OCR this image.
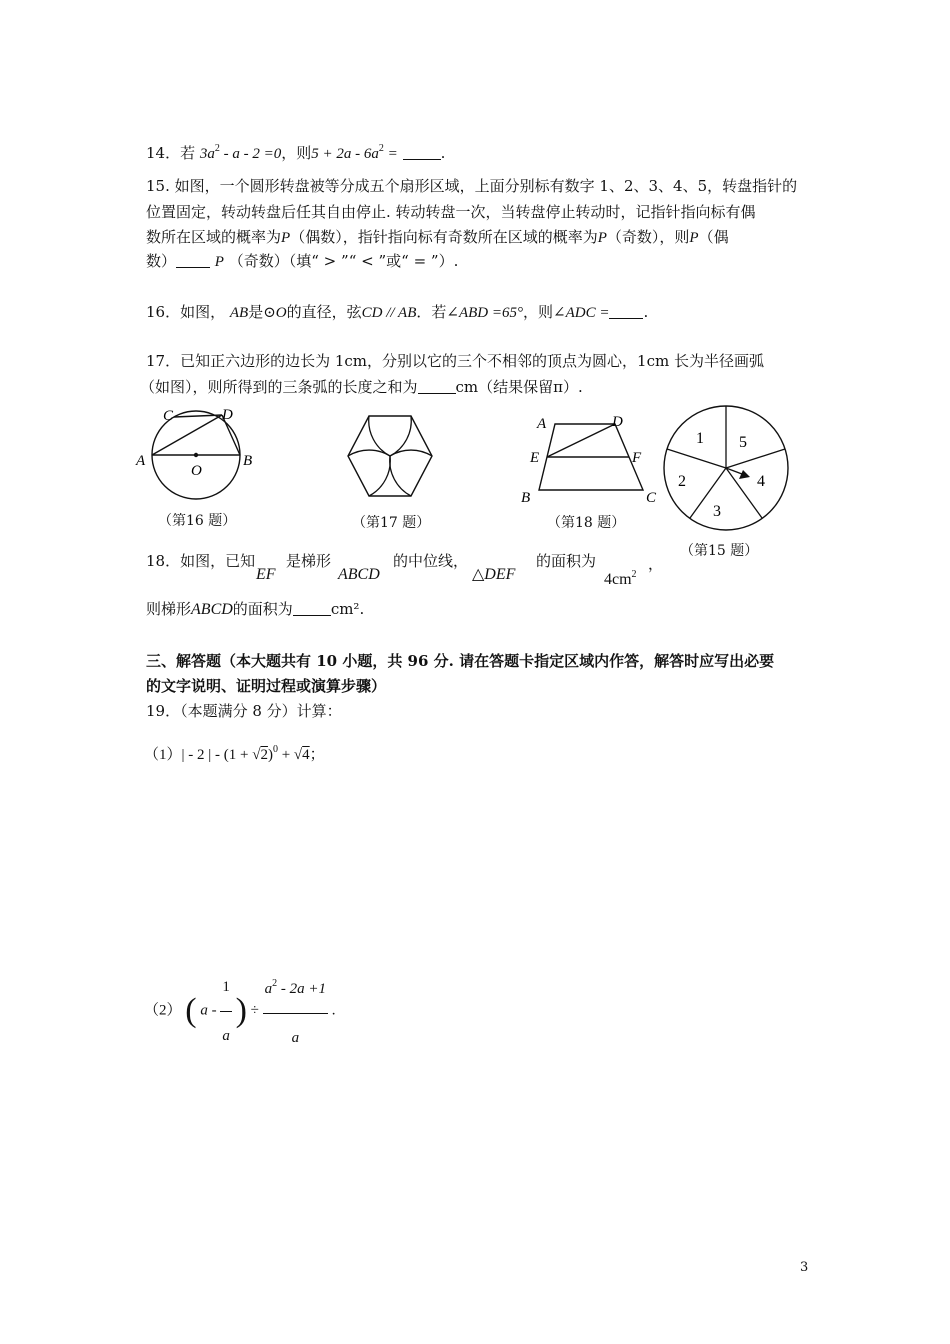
14．若 $3a^2 - a - 2 =0$，则$5 + 2a - 6a^2$ =	.
15. 如图，一个圆形转盘被等分成五个扇形区域，上面分别标有数字 1、2、3、4、5，转盘指针的
位置固定，转动转盘后任其自由停止. 转动转盘一次，当转盘停止转动时，记指针指向标有偶
数所在区域的概率为P（偶数），指针指向标有奇数所在区域的概率为P（奇数），则P（偶
数）	P （奇数）（填“ > ”“ < ”或“ = ”）.
16．如图， AB是⊙O的直径，弦CD // AB．若∠ABD =65°，则∠ADC = .
17．已知正六边形的边长为 1cm，分别以它的三个不相邻的顶点为圆心，1cm 长为半径画弧
（如图），则所得到的三条弧的长度之和为	cm（结果保留π）.
C	D
A
O
B
（第16 题）	（第17 题）
A	D
E	F
B	C
（第18 题）
1 5
2	4
3
（第15 题）
18．如图，已知
EF
是梯形
ABCD
的中位线，
△DEF
的面积为
$4cm^2$
，
则梯形ABCD的面积为	cm².
三、解答题（本大题共有 10 小题，共 96 分. 请在答题卡指定区域内作答，解答时应写出必要
的文字说明、证明过程或演算步骤）
19．（本题满分 8 分）计算：
（1）| - 2 | - $(1 + √2)^0 + √4$；
（2） ( a - $\frac{1}{a}$ ) ÷ $\frac{a^2 - 2a +1}{a}$ .
3
